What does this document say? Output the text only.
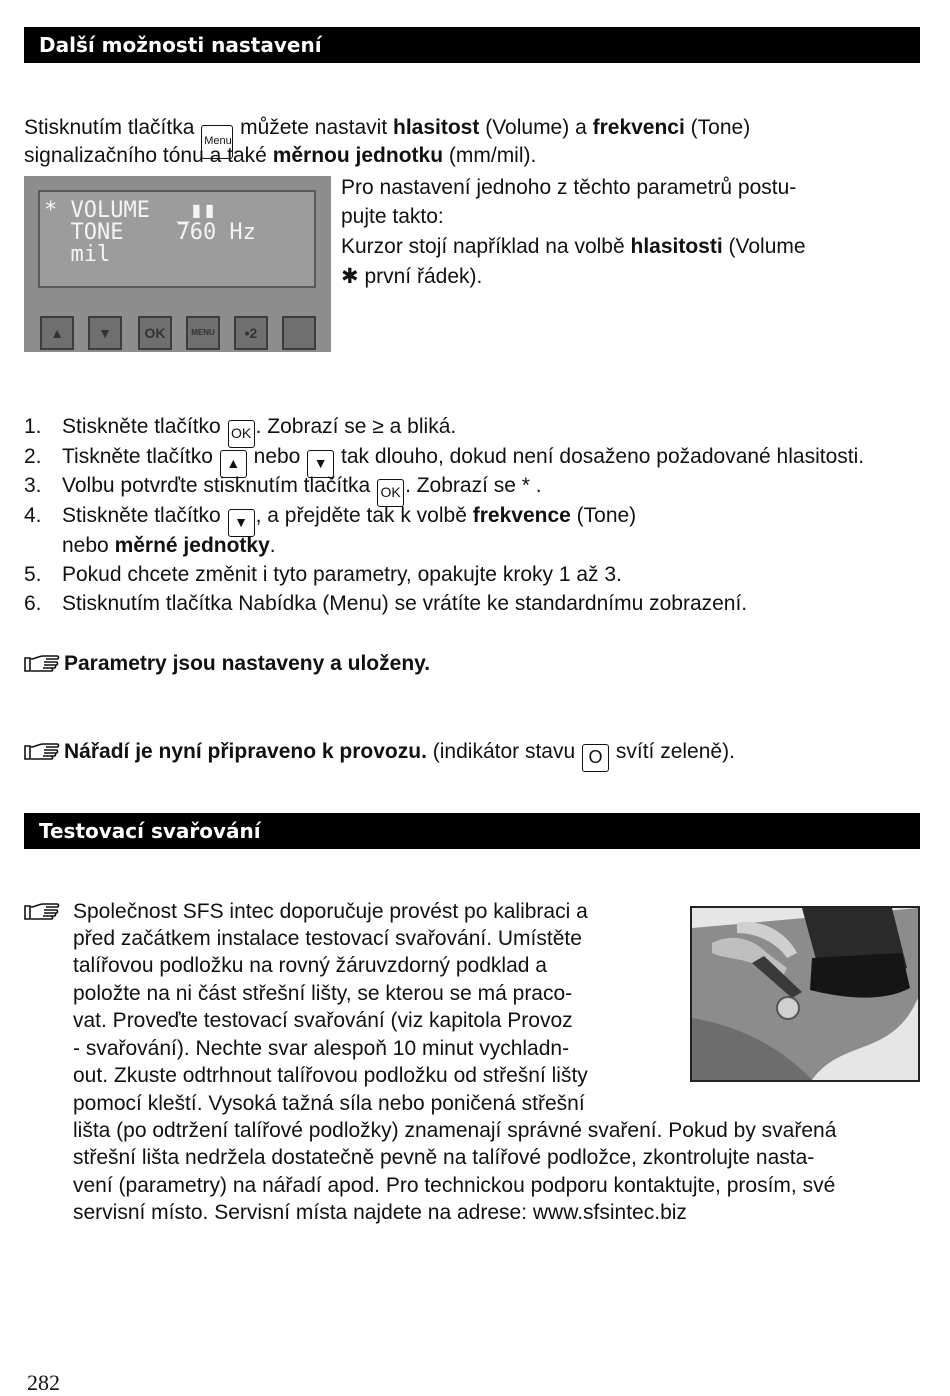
Další možnosti nastavení
Stisknutím tlačítka Menu můžete nastavit hlasitost (Volume) a frekvenci (Tone)
signalizačního tónu a také měrnou jednotku (mm/mil).
* VOLUME  _▮▮
TONE    760 Hz
mil
▲	▼	OK	MENU	•2
Pro nastavení jednoho z těchto parametrů postu-
pujte takto:
Kurzor stojí například na volbě hlasitosti (Volume
✱ první řádek).
1. Stiskněte tlačítko OK . Zobrazí se ≥ a bliká.
2. Tiskněte tlačítko ▲ nebo ▼ tak dlouho, dokud není dosaženo požadované hlasitosti.
3. Volbu potvrďte stisknutím tlačítka OK . Zobrazí se * .
4. Stiskněte tlačítko ▼ , a přejděte tak k volbě frekvence (Tone)
nebo měrné jednotky.
5. Pokud chcete změnit i tyto parametry, opakujte kroky 1 až 3.
6. Stisknutím tlačítka Nabídka (Menu) se vrátíte ke standardnímu zobrazení.
Parametry jsou nastaveny a uloženy.
Nářadí je nyní připraveno k provozu. (indikátor stavu O svítí zeleně).
Testovací svařování
Společnost SFS intec doporučuje provést po kalibraci a
před začátkem instalace testovací svařování. Umístěte
talířovou podložku na rovný žáruvzdorný podklad a
položte na ni část střešní lišty, se kterou se má praco-
vat. Proveďte testovací svařování (viz kapitola Provoz
- svařování). Nechte svar alespoň 10 minut vychladn-
out. Zkuste odtrhnout talířovou podložku od střešní lišty
pomocí kleští. Vysoká tažná síla nebo poničená střešní
lišta (po odtržení talířové podložky) znamenají správné svaření. Pokud by svařená
střešní lišta nedržela dostatečně pevně na talířové podložce, zkontrolujte nasta-
vení (parametry) na nářadí apod. Pro technickou podporu kontaktujte, prosím, své
servisní místo. Servisní místa najdete na adrese: www.sfsintec.biz
282
